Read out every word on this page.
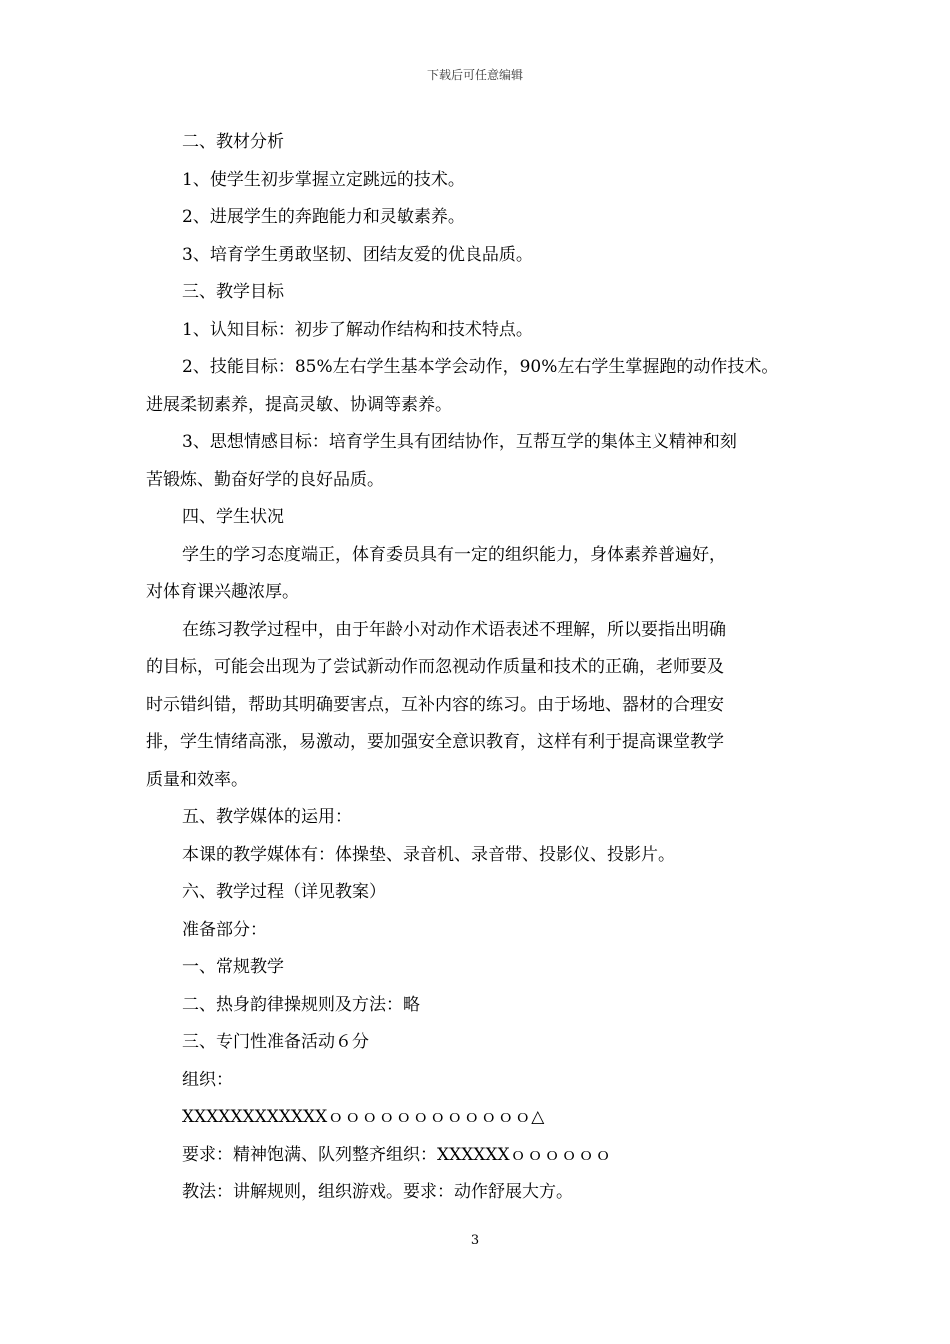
下载后可任意编辑
二、教材分析
1、使学生初步掌握立定跳远的技术。
2、进展学生的奔跑能力和灵敏素养。
3、培育学生勇敢坚韧、团结友爱的优良品质。
三、教学目标
1、认知目标：初步了解动作结构和技术特点。
2、技能目标：85%左右学生基本学会动作，90%左右学生掌握跑的动作技术。
进展柔韧素养，提高灵敏、协调等素养。
3、思想情感目标：培育学生具有团结协作，互帮互学的集体主义精神和刻
苦锻炼、勤奋好学的良好品质。
四、学生状况
学生的学习态度端正，体育委员具有一定的组织能力，身体素养普遍好，
对体育课兴趣浓厚。
在练习教学过程中，由于年龄小对动作术语表述不理解，所以要指出明确
的目标，可能会出现为了尝试新动作而忽视动作质量和技术的正确，老师要及
时示错纠错，帮助其明确要害点，互补内容的练习。由于场地、器材的合理安
排，学生情绪高涨，易激动，要加强安全意识教育，这样有利于提高课堂教学
质量和效率。
五、教学媒体的运用：
本课的教学媒体有：体操垫、录音机、录音带、投影仪、投影片。
六、教学过程（详见教案）
准备部分：
一、常规教学
二、热身韵律操规则及方法：略
三、专门性准备活动６分
组织：
XXXXXXXXXXXXｏｏｏｏｏｏｏｏｏｏｏｏ△
要求：精神饱满、队列整齐组织：XXXXXXｏｏｏｏｏｏ
教法：讲解规则，组织游戏。要求：动作舒展大方。
3
